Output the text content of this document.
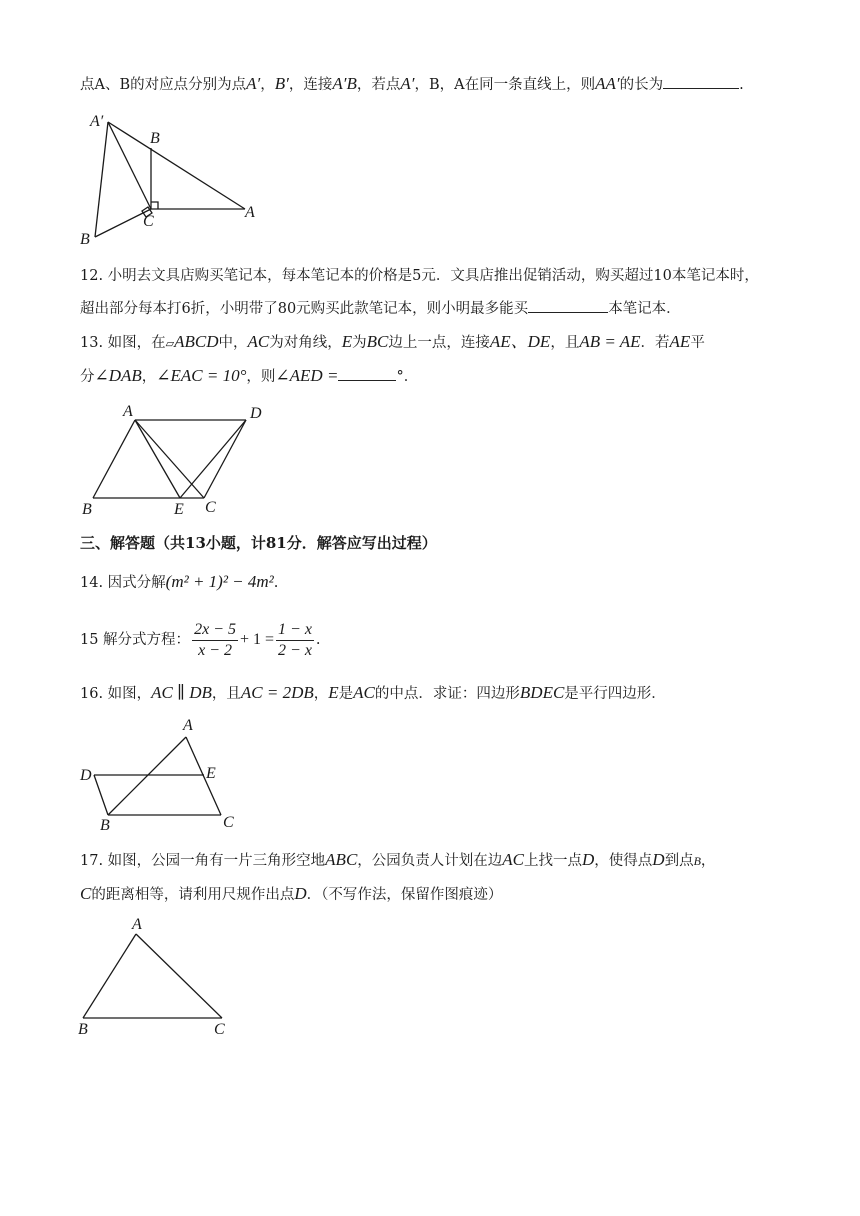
点A、B的对应点分别为点A′，B′，连接A′B，若点A′，B，A在同一条直线上，则AA′的长为	.
A′
B
C
A
B
12. 小明去文具店购买笔记本，每本笔记本的价格是5元．文具店推出促销活动，购买超过10本笔记本时，
超出部分每本打6折，小明带了80元购买此款笔记本，则小明最多能买	本笔记本．
13. 如图，在▱ABCD中，AC为对角线，E为BC边上一点，连接AE、DE，且AB = AE．若AE平
分∠DAB，∠EAC = 10°，则∠AED =	°．
A	D
B	E C
三、解答题（共13小题，计81分．解答应写出过程）
14. 因式分解(m² + 1)² − 4m².
15 解分式方程： $\frac{2x - 5}{x - 2} + 1 = \frac{1 - x}{2 - x}$ .
16. 如图，AC ∥ DB，且AC = 2DB，E是AC的中点．求证：四边形BDEC是平行四边形．
A
D	E
B	C
17. 如图，公园一角有一片三角形空地ABC，公园负责人计划在边AC上找一点D，使得点D到点B，
C的距离相等，请利用尺规作出点D．（不写作法，保留作图痕迹）
A
B	C
